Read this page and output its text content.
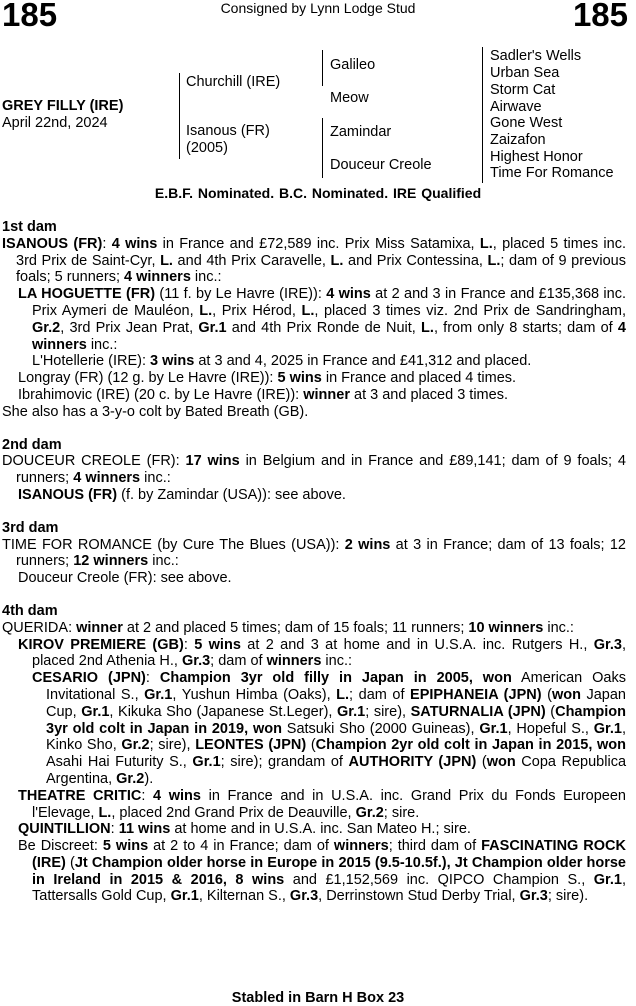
185	Consigned by Lynn Lodge Stud	185
GREY FILLY (IRE)
April 22nd, 2024
Churchill (IRE)
Isanous (FR)
(2005)
Galileo
Meow
Zamindar
Douceur Creole
Sadler's Wells
Urban Sea
Storm Cat
Airwave
Gone West
Zaizafon
Highest Honor
Time For Romance
E.B.F. Nominated. B.C. Nominated. IRE Qualified

1st dam

ISANOUS (FR): 4 wins in France and £72,589 inc. Prix Miss Satamixa, L., placed 5 times inc. 3rd Prix de Saint-Cyr, L. and 4th Prix Caravelle, L. and Prix Contessina, L.; dam of 9 previous foals; 5 runners; 4 winners inc.:

LA HOGUETTE (FR) (11 f. by Le Havre (IRE)): 4 wins at 2 and 3 in France and £135,368 inc. Prix Aymeri de Mauléon, L., Prix Hérod, L., placed 3 times viz. 2nd Prix de Sandringham, Gr.2, 3rd Prix Jean Prat, Gr.1 and 4th Prix Ronde de Nuit, L., from only 8 starts; dam of 4 winners inc.:

L'Hotellerie (IRE): 3 wins at 3 and 4, 2025 in France and £41,312 and placed.

Longray (FR) (12 g. by Le Havre (IRE)): 5 wins in France and placed 4 times.

Ibrahimovic (IRE) (20 c. by Le Havre (IRE)): winner at 3 and placed 3 times.

She also has a 3-y-o colt by Bated Breath (GB).

2nd dam

DOUCEUR CREOLE (FR): 17 wins in Belgium and in France and £89,141; dam of 9 foals; 4 runners; 4 winners inc.:

ISANOUS (FR) (f. by Zamindar (USA)): see above.

3rd dam

TIME FOR ROMANCE (by Cure The Blues (USA)): 2 wins at 3 in France; dam of 13 foals; 12 runners; 12 winners inc.:

Douceur Creole (FR): see above.

4th dam

QUERIDA: winner at 2 and placed 5 times; dam of 15 foals; 11 runners; 10 winners inc.:

KIROV PREMIERE (GB): 5 wins at 2 and 3 at home and in U.S.A. inc. Rutgers H., Gr.3, placed 2nd Athenia H., Gr.3; dam of winners inc.:

CESARIO (JPN): Champion 3yr old filly in Japan in 2005, won American Oaks Invitational S., Gr.1, Yushun Himba (Oaks), L.; dam of EPIPHANEIA (JPN) (won Japan Cup, Gr.1, Kikuka Sho (Japanese St.Leger), Gr.1; sire), SATURNALIA (JPN) (Champion 3yr old colt in Japan in 2019, won Satsuki Sho (2000 Guineas), Gr.1, Hopeful S., Gr.1, Kinko Sho, Gr.2; sire), LEONTES (JPN) (Champion 2yr old colt in Japan in 2015, won Asahi Hai Futurity S., Gr.1; sire); grandam of AUTHORITY (JPN) (won Copa Republica Argentina, Gr.2).

THEATRE CRITIC: 4 wins in France and in U.S.A. inc. Grand Prix du Fonds Europeen l'Elevage, L., placed 2nd Grand Prix de Deauville, Gr.2; sire.

QUINTILLION: 11 wins at home and in U.S.A. inc. San Mateo H.; sire.

Be Discreet: 5 wins at 2 to 4 in France; dam of winners; third dam of FASCINATING ROCK (IRE) (Jt Champion older horse in Europe in 2015 (9.5-10.5f.), Jt Champion older horse in Ireland in 2015 & 2016, 8 wins and £1,152,569 inc. QIPCO Champion S., Gr.1, Tattersalls Gold Cup, Gr.1, Kilternan S., Gr.3, Derrinstown Stud Derby Trial, Gr.3; sire).

Stabled in Barn H Box 23
